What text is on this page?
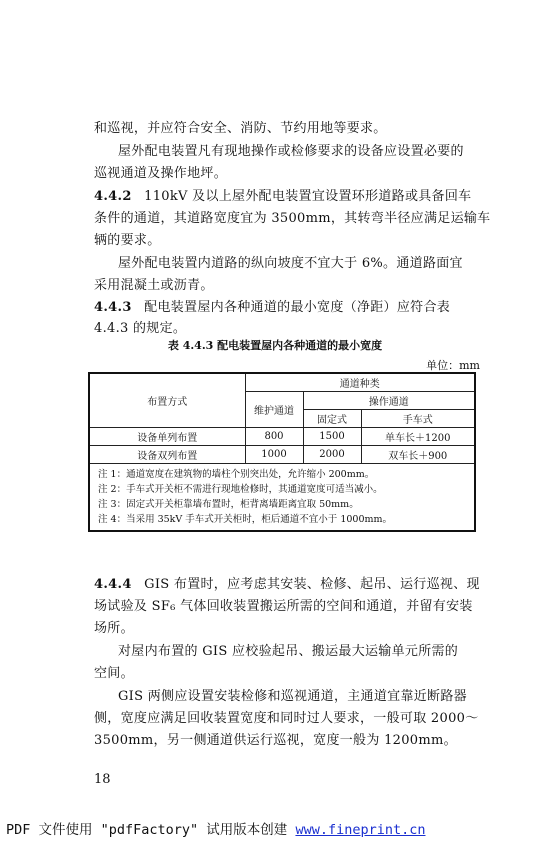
和巡视，并应符合安全、消防、节约用地等要求。
屋外配电装置凡有现地操作或检修要求的设备应设置必要的
巡视通道及操作地坪。
4.4.2 110kV 及以上屋外配电装置宜设置环形道路或具备回车
条件的通道，其道路宽度宜为 3500mm，其转弯半径应满足运输车
辆的要求。
屋外配电装置内道路的纵向坡度不宜大于 6%。通道路面宜
采用混凝土或沥青。
4.4.3 配电装置屋内各种通道的最小宽度（净距）应符合表
4.4.3 的规定。
表 4.4.3 配电装置屋内各种通道的最小宽度
单位：mm
布置方式	通道种类		
	维护通道	操作通道	
		固定式	手车式
设备单列布置	800	1500	单车长＋1200
设备双列布置	1000	2000	双车长＋900

注 1：通道宽度在建筑物的墙柱个别突出处，允许缩小 200mm。
注 2：手车式开关柜不需进行现地检修时，其通道宽度可适当减小。
注 3：固定式开关柜靠墙布置时，柜背离墙距离宜取 50mm。
注 4：当采用 35kV 手车式开关柜时，柜后通道不宜小于 1000mm。			
4.4.4 GIS 布置时，应考虑其安装、检修、起吊、运行巡视、现
场试验及 SF₆ 气体回收装置搬运所需的空间和通道，并留有安装
场所。
对屋内布置的 GIS 应校验起吊、搬运最大运输单元所需的
空间。
GIS 两侧应设置安装检修和巡视通道，主通道宜靠近断路器
侧，宽度应满足回收装置宽度和同时过人要求，一般可取 2000～
3500mm，另一侧通道供运行巡视，宽度一般为 1200mm。
18
PDF 文件使用 "pdfFactory" 试用版本创建 www.fineprint.cn
